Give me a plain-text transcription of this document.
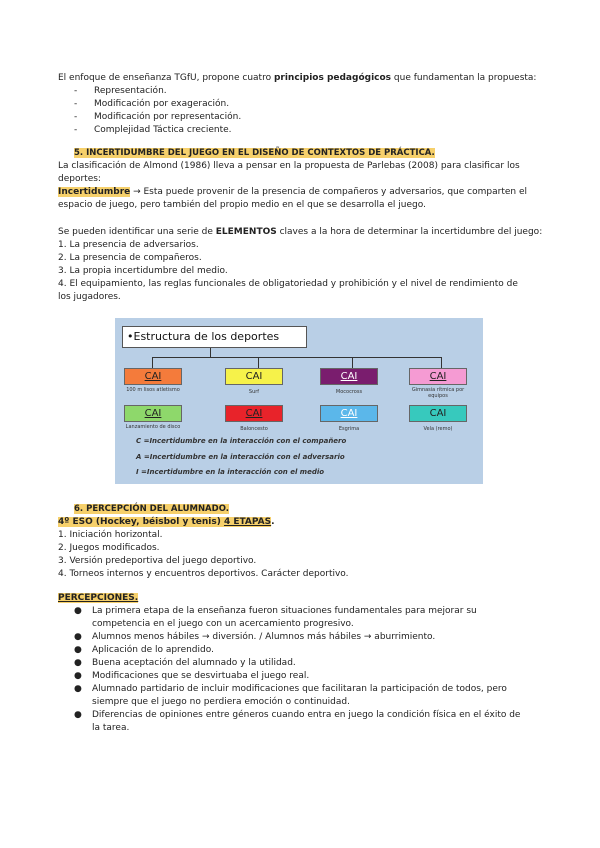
El enfoque de enseñanza TGfU, propone cuatro principios pedagógicos que fundamentan la propuesta:
- Representación.
- Modificación por exageración.
- Modificación por representación.
- Complejidad Táctica creciente.
5. INCERTIDUMBRE DEL JUEGO EN EL DISEÑO DE CONTEXTOS DE PRÁCTICA.
La clasificación de Almond (1986) lleva a pensar en la propuesta de Parlebas (2008) para clasificar los deportes:
Incertidumbre → Esta puede provenir de la presencia de compañeros y adversarios, que comparten el espacio de juego, pero también del propio medio en el que se desarrolla el juego.
Se pueden identificar una serie de ELEMENTOS claves a la hora de determinar la incertidumbre del juego:
1. La presencia de adversarios.
2. La presencia de compañeros.
3. La propia incertidumbre del medio.
4. El equipamiento, las reglas funcionales de obligatoriedad y prohibición y el nivel de rendimiento de los jugadores.
•Estructura de los deportes
CAI	CAI	CAI	CAI
100 m lisos atletismo	Surf	Mococross	Gimnasia rítmica por equipos
CAI	CAI	CAI	CAI
Lanzamiento de disco	Baloncesto	Esgrima	Vela (remo)
C =Incertidumbre en la interacción con el compañero
A =Incertidumbre en la interacción con el adversario
I =Incertidumbre en la interacción con el medio
6. PERCEPCIÓN DEL ALUMNADO.
4º ESO (Hockey, béisbol y tenis) 4 ETAPAS.
1. Iniciación horizontal.
2. Juegos modificados.
3. Versión predeportiva del juego deportivo.
4. Torneos internos y encuentros deportivos. Carácter deportivo.
PERCEPCIONES.
● La primera etapa de la enseñanza fueron situaciones fundamentales para mejorar su competencia en el juego con un acercamiento progresivo.
● Alumnos menos hábiles → diversión. / Alumnos más hábiles → aburrimiento.
● Aplicación de lo aprendido.
● Buena aceptación del alumnado y la utilidad.
● Modificaciones que se desvirtuaba el juego real.
● Alumnado partidario de incluir modificaciones que facilitaran la participación de todos, pero siempre que el juego no perdiera emoción o continuidad.
● Diferencias de opiniones entre géneros cuando entra en juego la condición física en el éxito de la tarea.
